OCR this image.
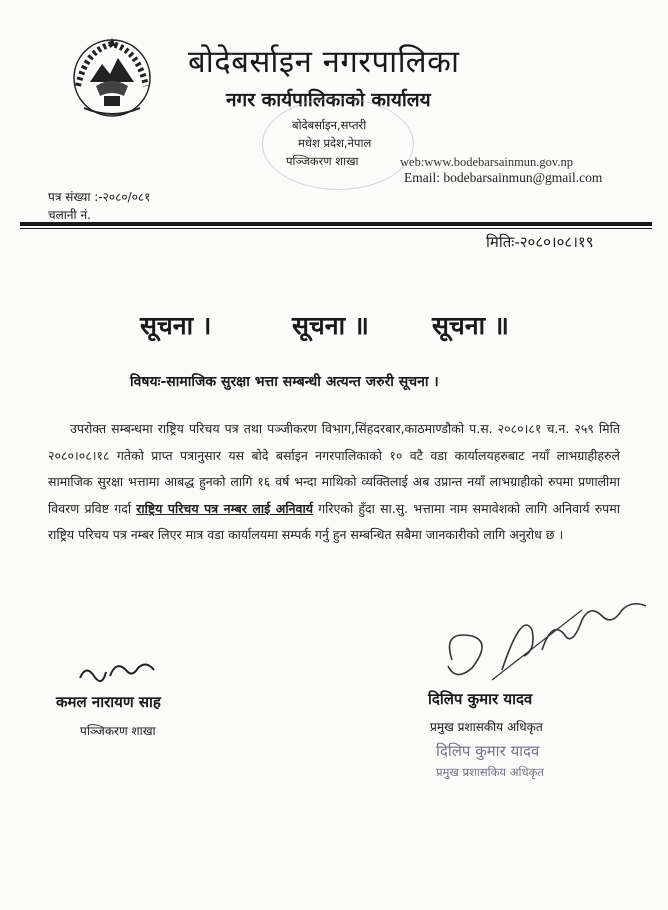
बोदेबर्साइन नगरपालिका
नगर कार्यपालिकाको कार्यालय
बोदेबर्साइन,सप्तरी
मधेश प्रदेश,नेपाल
पञ्जिकरण शाखा	web:www.bodebarsainmun.gov.np
Email: bodebarsainmun@gmail.com
पत्र संख्या :-२०८०/०८१
चलानी नं.
मितिः-२०८०।०८।१९
सूचना ।	सूचना ॥	सूचना ॥
विषयः-सामाजिक सुरक्षा भत्ता सम्बन्धी अत्यन्त जरुरी सूचना ।
उपरोक्त सम्बन्धमा राष्ट्रिय परिचय पत्र तथा पञ्जीकरण विभाग,सिंहदरबार,काठमाण्डौको प.स. २०८०।८१ च.न. २५९ मिति २०८०।०८।१८ गतेको प्राप्त पत्रानुसार यस बोदे बर्साइन नगरपालिकाको १० वटै वडा कार्यालयहरुबाट नयाँ लाभग्राहीहरुले सामाजिक सुरक्षा भत्तामा आबद्ध हुनको लागि १६ वर्ष भन्दा माथिको व्यक्तिलाई अब उप्रान्त नयाँ लाभग्राहीको रुपमा प्रणालीमा विवरण प्रविष्ट गर्दा राष्ट्रिय परिचय पत्र नम्बर लाई अनिवार्य गरिएको हुँदा सा.सु. भत्तामा नाम समावेशको लागि अनिवार्य रुपमा राष्ट्रिय परिचय पत्र नम्बर लिएर मात्र वडा कार्यालयमा सम्पर्क गर्नु हुन सम्बन्धित सबैमा जानकारीको लागि अनुरोध छ ।
कमल नारायण साह
पञ्जिकरण शाखा
दिलिप कुमार यादव
प्रमुख प्रशासकीय अधिकृत
दिलिप कुमार यादव
प्रमुख प्रशासकिय अधिकृत
